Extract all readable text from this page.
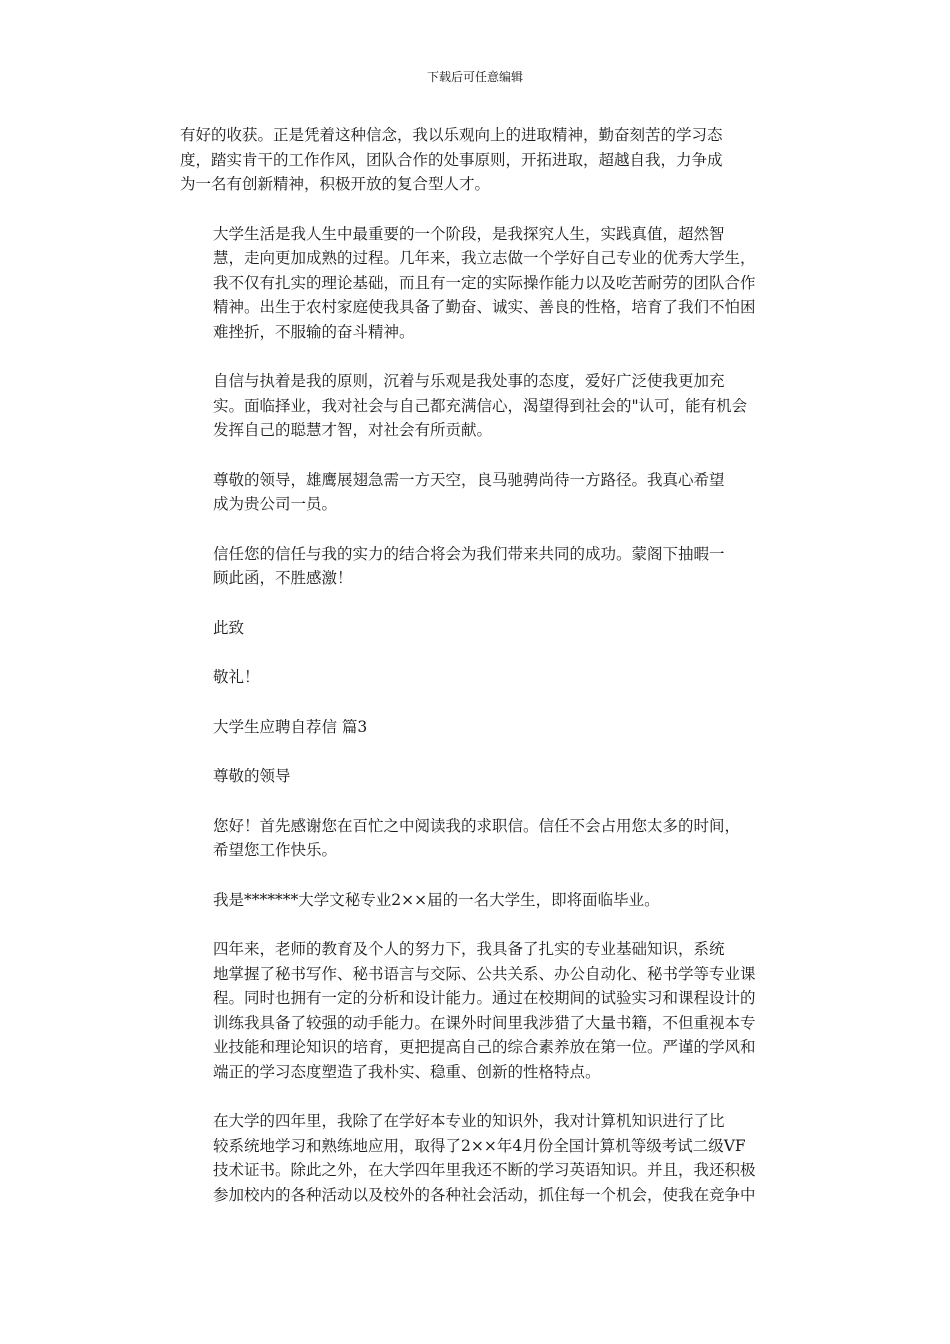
下载后可任意编辑
有好的收获。正是凭着这种信念，我以乐观向上的进取精神，勤奋刻苦的学习态
度，踏实肯干的工作作风，团队合作的处事原则，开拓进取，超越自我，力争成
为一名有创新精神，积极开放的复合型人才。
大学生活是我人生中最重要的一个阶段，是我探究人生，实践真值，超然智
慧，走向更加成熟的过程。几年来，我立志做一个学好自己专业的优秀大学生，
我不仅有扎实的理论基础，而且有一定的实际操作能力以及吃苦耐劳的团队合作
精神。出生于农村家庭使我具备了勤奋、诚实、善良的性格，培育了我们不怕困
难挫折，不服输的奋斗精神。
自信与执着是我的原则，沉着与乐观是我处事的态度，爱好广泛使我更加充
实。面临择业，我对社会与自己都充满信心，渴望得到社会的"认可，能有机会
发挥自己的聪慧才智，对社会有所贡献。
尊敬的领导，雄鹰展翅急需一方天空，良马驰骋尚待一方路径。我真心希望
成为贵公司一员。
信任您的信任与我的实力的结合将会为我们带来共同的成功。蒙阁下抽暇一
顾此函，不胜感激！
此致
敬礼！
大学生应聘自荐信 篇3
尊敬的领导
您好！首先感谢您在百忙之中阅读我的求职信。信任不会占用您太多的时间，
希望您工作快乐。
我是*******大学文秘专业2××届的一名大学生，即将面临毕业。
四年来，老师的教育及个人的努力下，我具备了扎实的专业基础知识，系统
地掌握了秘书写作、秘书语言与交际、公共关系、办公自动化、秘书学等专业课
程。同时也拥有一定的分析和设计能力。通过在校期间的试验实习和课程设计的
训练我具备了较强的动手能力。在课外时间里我涉猎了大量书籍，不但重视本专
业技能和理论知识的培育，更把提高自己的综合素养放在第一位。严谨的学风和
端正的学习态度塑造了我朴实、稳重、创新的性格特点。
在大学的四年里，我除了在学好本专业的知识外，我对计算机知识进行了比
较系统地学习和熟练地应用，取得了2××年4月份全国计算机等级考试二级VF
技术证书。除此之外，在大学四年里我还不断的学习英语知识。并且，我还积极
参加校内的各种活动以及校外的各种社会活动，抓住每一个机会，使我在竞争中
